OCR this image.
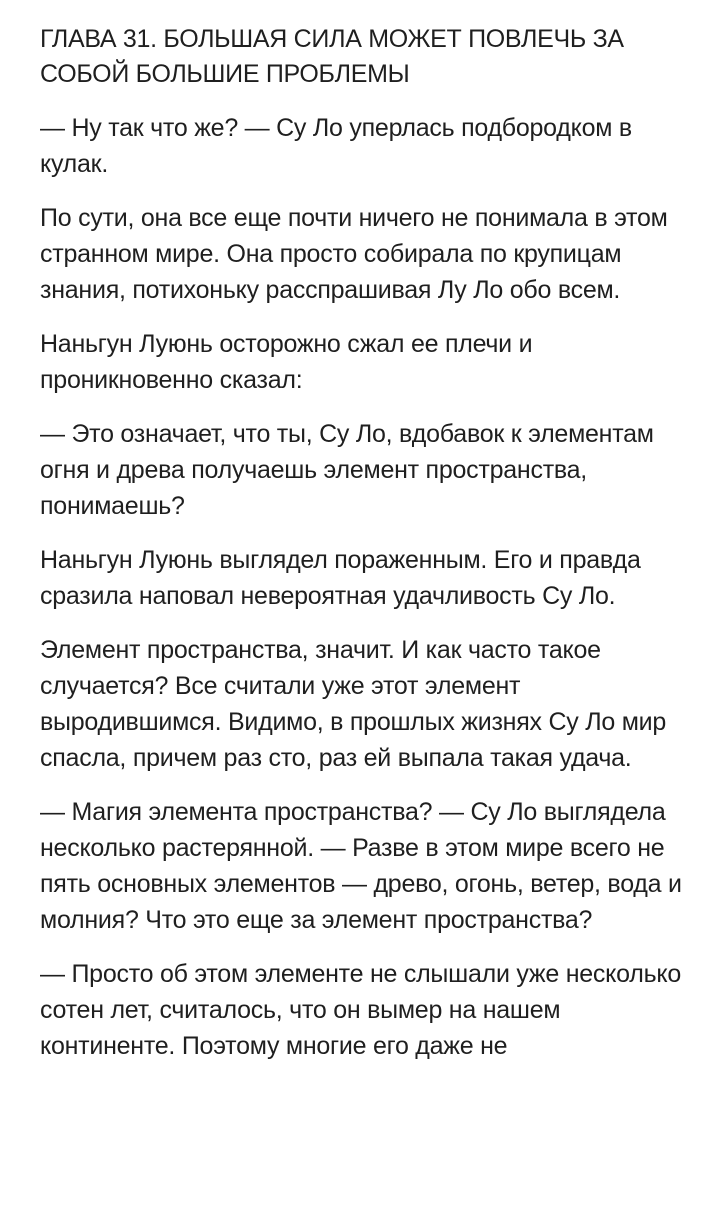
ГЛАВА 31. БОЛЬШАЯ СИЛА МОЖЕТ ПОВЛЕЧЬ ЗА СОБОЙ БОЛЬШИЕ ПРОБЛЕМЫ

— Ну так что же? — Су Ло уперлась подбородком в кулак.

По сути, она все еще почти ничего не понимала в этом странном мире. Она просто собирала по крупицам знания, потихоньку расспрашивая Лу Ло обо всем.

Наньгун Луюнь осторожно сжал ее плечи и проникновенно сказал:

— Это означает, что ты, Су Ло, вдобавок к элементам огня и древа получаешь элемент пространства, понимаешь?

Наньгун Луюнь выглядел пораженным. Его и правда сразила наповал невероятная удачливость Су Ло.

Элемент пространства, значит. И как часто такое случается? Все считали уже этот элемент выродившимся. Видимо, в прошлых жизнях Су Ло мир спасла, причем раз сто, раз ей выпала такая удача.

— Магия элемента пространства? — Су Ло выглядела несколько растерянной. — Разве в этом мире всего не пять основных элементов — древо, огонь, ветер, вода и молния? Что это еще за элемент пространства?

— Просто об этом элементе не слышали уже несколько сотен лет, считалось, что он вымер на нашем континенте. Поэтому многие его даже не
